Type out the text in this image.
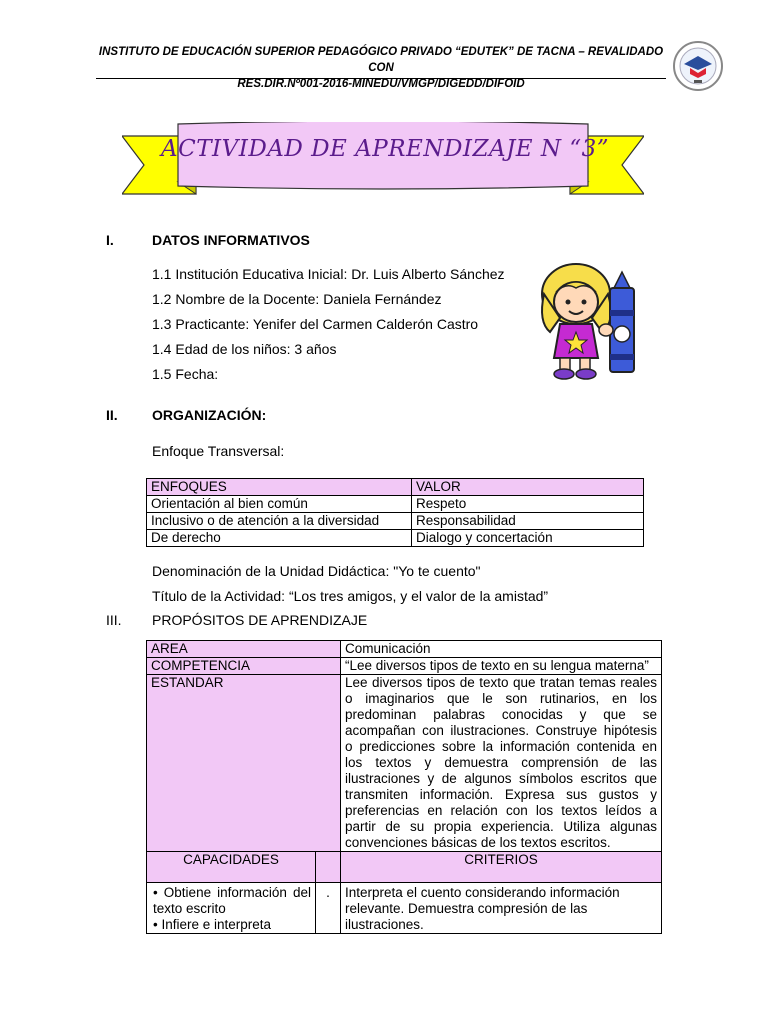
INSTITUTO DE EDUCACIÓN SUPERIOR PEDAGÓGICO PRIVADO “EDUTEK” DE TACNA – REVALIDADO CON
RES.DIR.Nº001-2016-MINEDU/VMGP/DIGEDD/DIFOID
ACTIVIDAD DE APRENDIZAJE N “3”
I.	DATOS INFORMATIVOS
1.1 Institución Educativa Inicial: Dr. Luis Alberto Sánchez
1.2 Nombre de la Docente: Daniela Fernández
1.3 Practicante: Yenifer del Carmen Calderón Castro
1.4 Edad de los niños: 3 años
1.5 Fecha:
II. ORGANIZACIÓN:
Enfoque Transversal:
ENFOQUES	VALOR
Orientación al bien común	Respeto
Inclusivo o de atención a la diversidad	Responsabilidad
De derecho	Dialogo y concertación
Denominación de la Unidad Didáctica: "Yo te cuento"
Título de la Actividad: “Los tres amigos, y el valor de la amistad”
III. PROPÓSITOS DE APRENDIZAJE
AREA		Comunicación
COMPETENCIA		“Lee diversos tipos de texto en su lengua materna”
ESTANDAR		Lee diversos tipos de texto que tratan temas reales o imaginarios que le son rutinarios, en los predominan palabras conocidas y que se acompañan con ilustraciones. Construye hipótesis o predicciones sobre la información contenida en los textos y demuestra comprensión de las ilustraciones y de algunos símbolos escritos que transmiten información. Expresa sus gustos y preferencias en relación con los textos leídos a partir de su propia experiencia. Utiliza algunas convenciones básicas de los textos escritos.
CAPACIDADES		CRITERIOS

• Obtiene información del texto escrito
• Infiere e interpreta	.	Interpreta el cuento considerando información relevante. Demuestra compresión de las ilustraciones.
